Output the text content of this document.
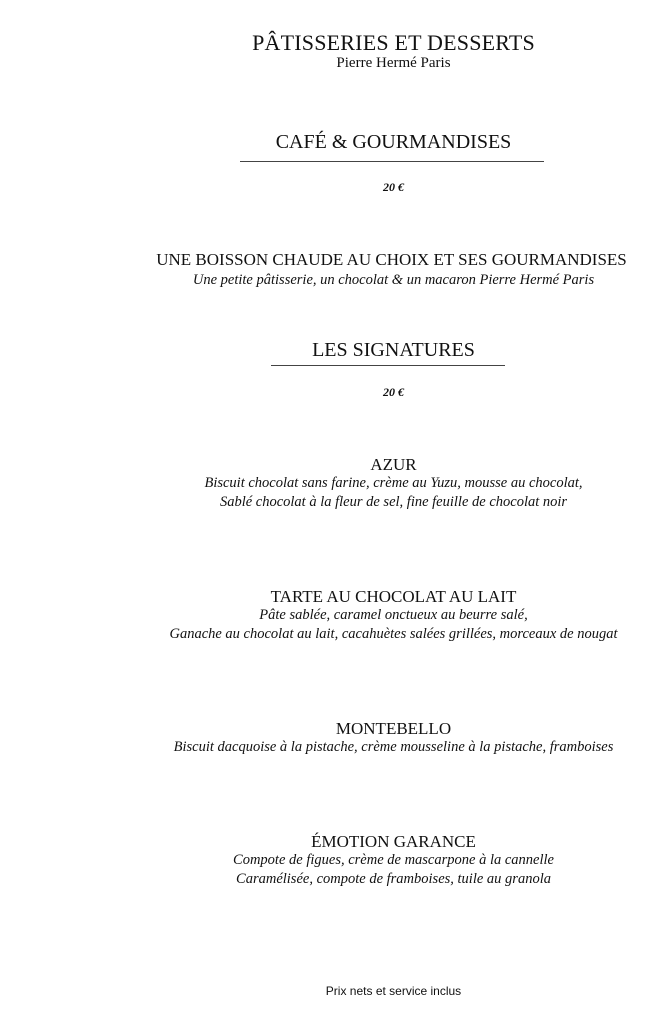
PÂTISSERIES ET DESSERTS
Pierre Hermé Paris
CAFÉ & GOURMANDISES
20 €
UNE BOISSON CHAUDE AU CHOIX ET SES GOURMANDISES
Une petite pâtisserie, un chocolat & un macaron Pierre Hermé Paris
LES SIGNATURES
20 €
AZUR
Biscuit chocolat sans farine, crème au Yuzu, mousse au chocolat,
Sablé chocolat à la fleur de sel, fine feuille de chocolat noir
TARTE AU CHOCOLAT AU LAIT
Pâte sablée, caramel onctueux au beurre salé,
Ganache au chocolat au lait, cacahuètes salées grillées, morceaux de nougat
MONTEBELLO
Biscuit dacquoise à la pistache, crème mousseline à la pistache, framboises
ÉMOTION GARANCE
Compote de figues, crème de mascarpone à la cannelle
Caramélisée, compote de framboises, tuile au granola
Prix nets et service inclus
